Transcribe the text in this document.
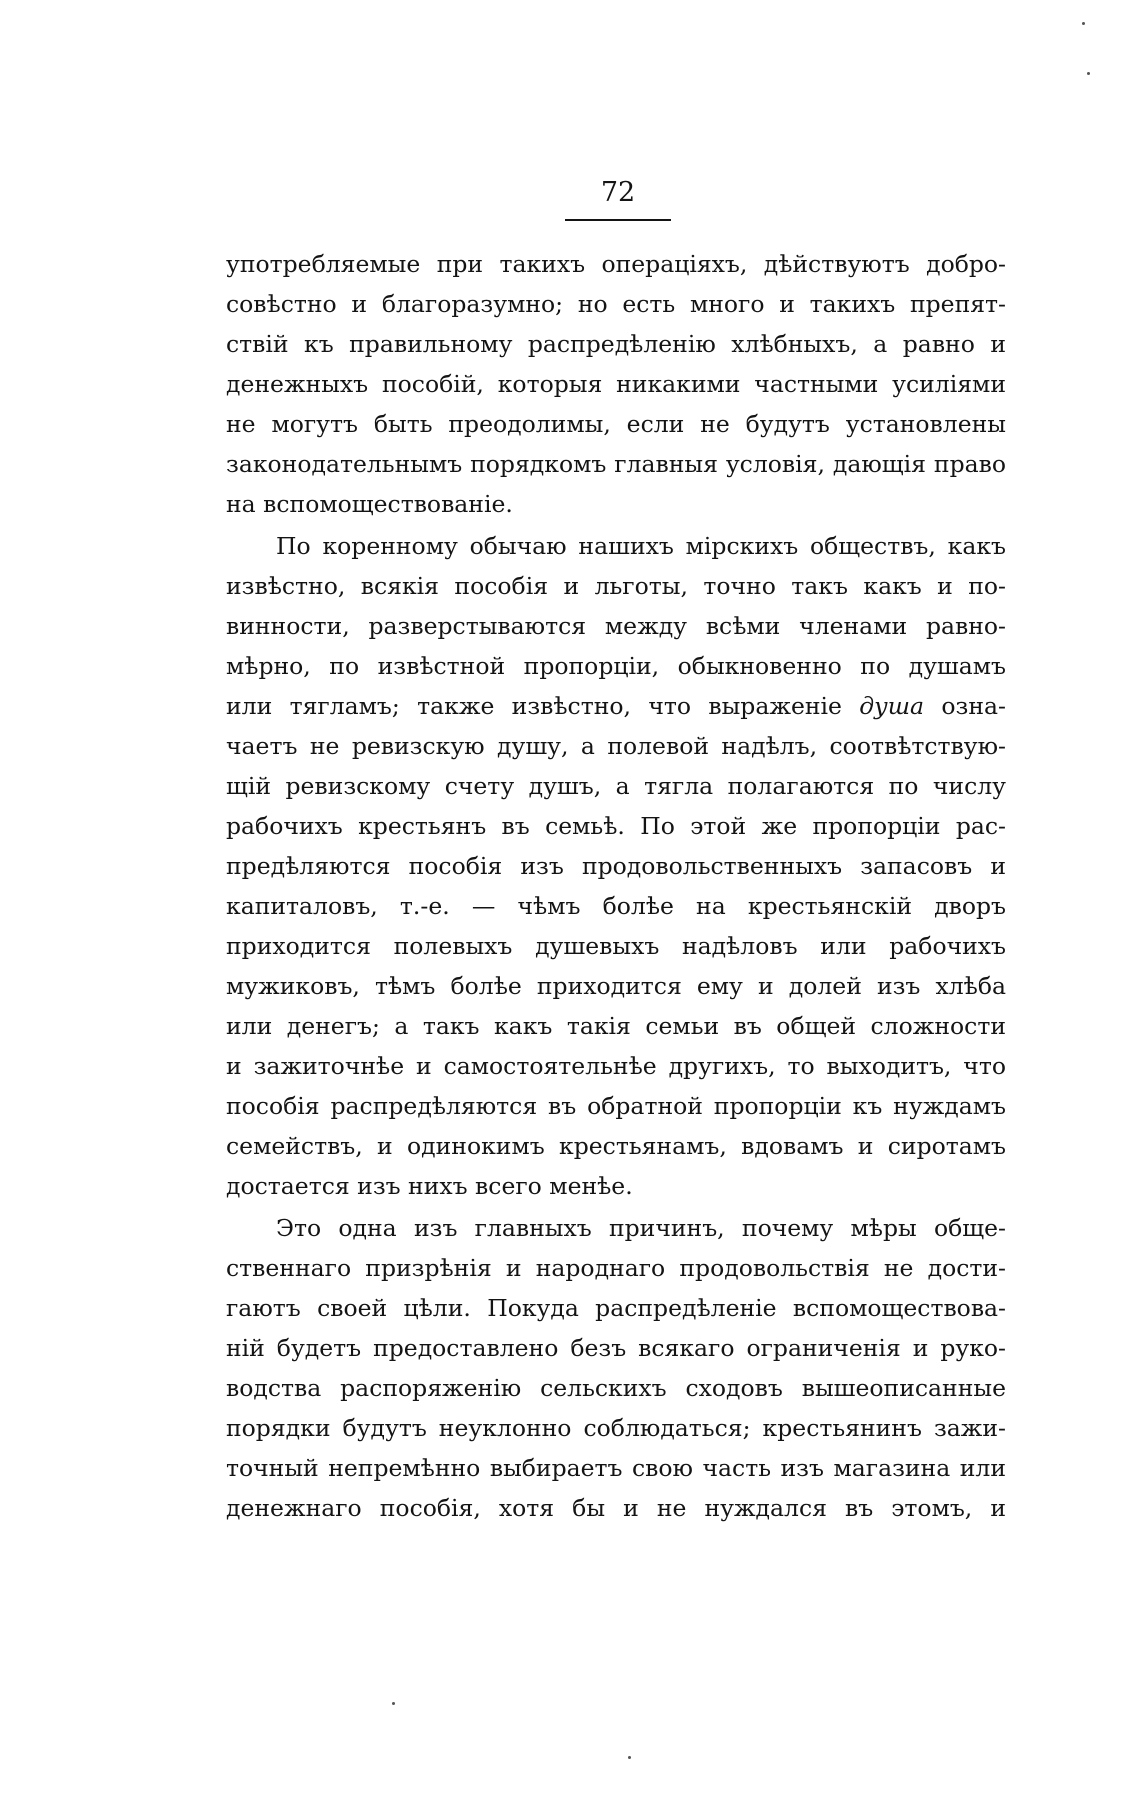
72
употребляемые при такихъ операціяхъ, дѣйствуютъ добро-
совѣстно и благоразумно; но есть много и такихъ препят-
ствій къ правильному распредѣленію хлѣбныхъ, а равно и
денежныхъ пособій, которыя никакими частными усиліями
не могутъ быть преодолимы, если не будутъ установлены
законодательнымъ порядкомъ главныя условія, дающія право
на вспомоществованіе.
По коренному обычаю нашихъ мірскихъ обществъ, какъ
извѣстно, всякія пособія и льготы, точно такъ какъ и по-
винности, разверстываются между всѣми членами равно-
мѣрно, по извѣстной пропорціи, обыкновенно по душамъ
или тягламъ; также извѣстно, что выраженіе душа озна-
чаетъ не ревизскую душу, а полевой надѣлъ, соотвѣтствую-
щій ревизскому счету душъ, а тягла полагаются по числу
рабочихъ крестьянъ въ семьѣ. По этой же пропорціи рас-
предѣляются пособія изъ продовольственныхъ запасовъ и
капиталовъ, т.-е. — чѣмъ болѣе на крестьянскій дворъ
приходится полевыхъ душевыхъ надѣловъ или рабочихъ
мужиковъ, тѣмъ болѣе приходится ему и долей изъ хлѣба
или денегъ; а такъ какъ такія семьи въ общей сложности
и зажиточнѣе и самостоятельнѣе другихъ, то выходитъ, что
пособія распредѣляются въ обратной пропорціи къ нуждамъ
семействъ, и одинокимъ крестьянамъ, вдовамъ и сиротамъ
достается изъ нихъ всего менѣе.
Это одна изъ главныхъ причинъ, почему мѣры обще-
ственнаго призрѣнія и народнаго продовольствія не дости-
гаютъ своей цѣли. Покуда распредѣленіе вспомоществова-
ній будетъ предоставлено безъ всякаго ограниченія и руко-
водства распоряженію сельскихъ сходовъ вышеописанные
порядки будутъ неуклонно соблюдаться; крестьянинъ зажи-
точный непремѣнно выбираетъ свою часть изъ магазина или
денежнаго пособія, хотя бы и не нуждался въ этомъ, и
